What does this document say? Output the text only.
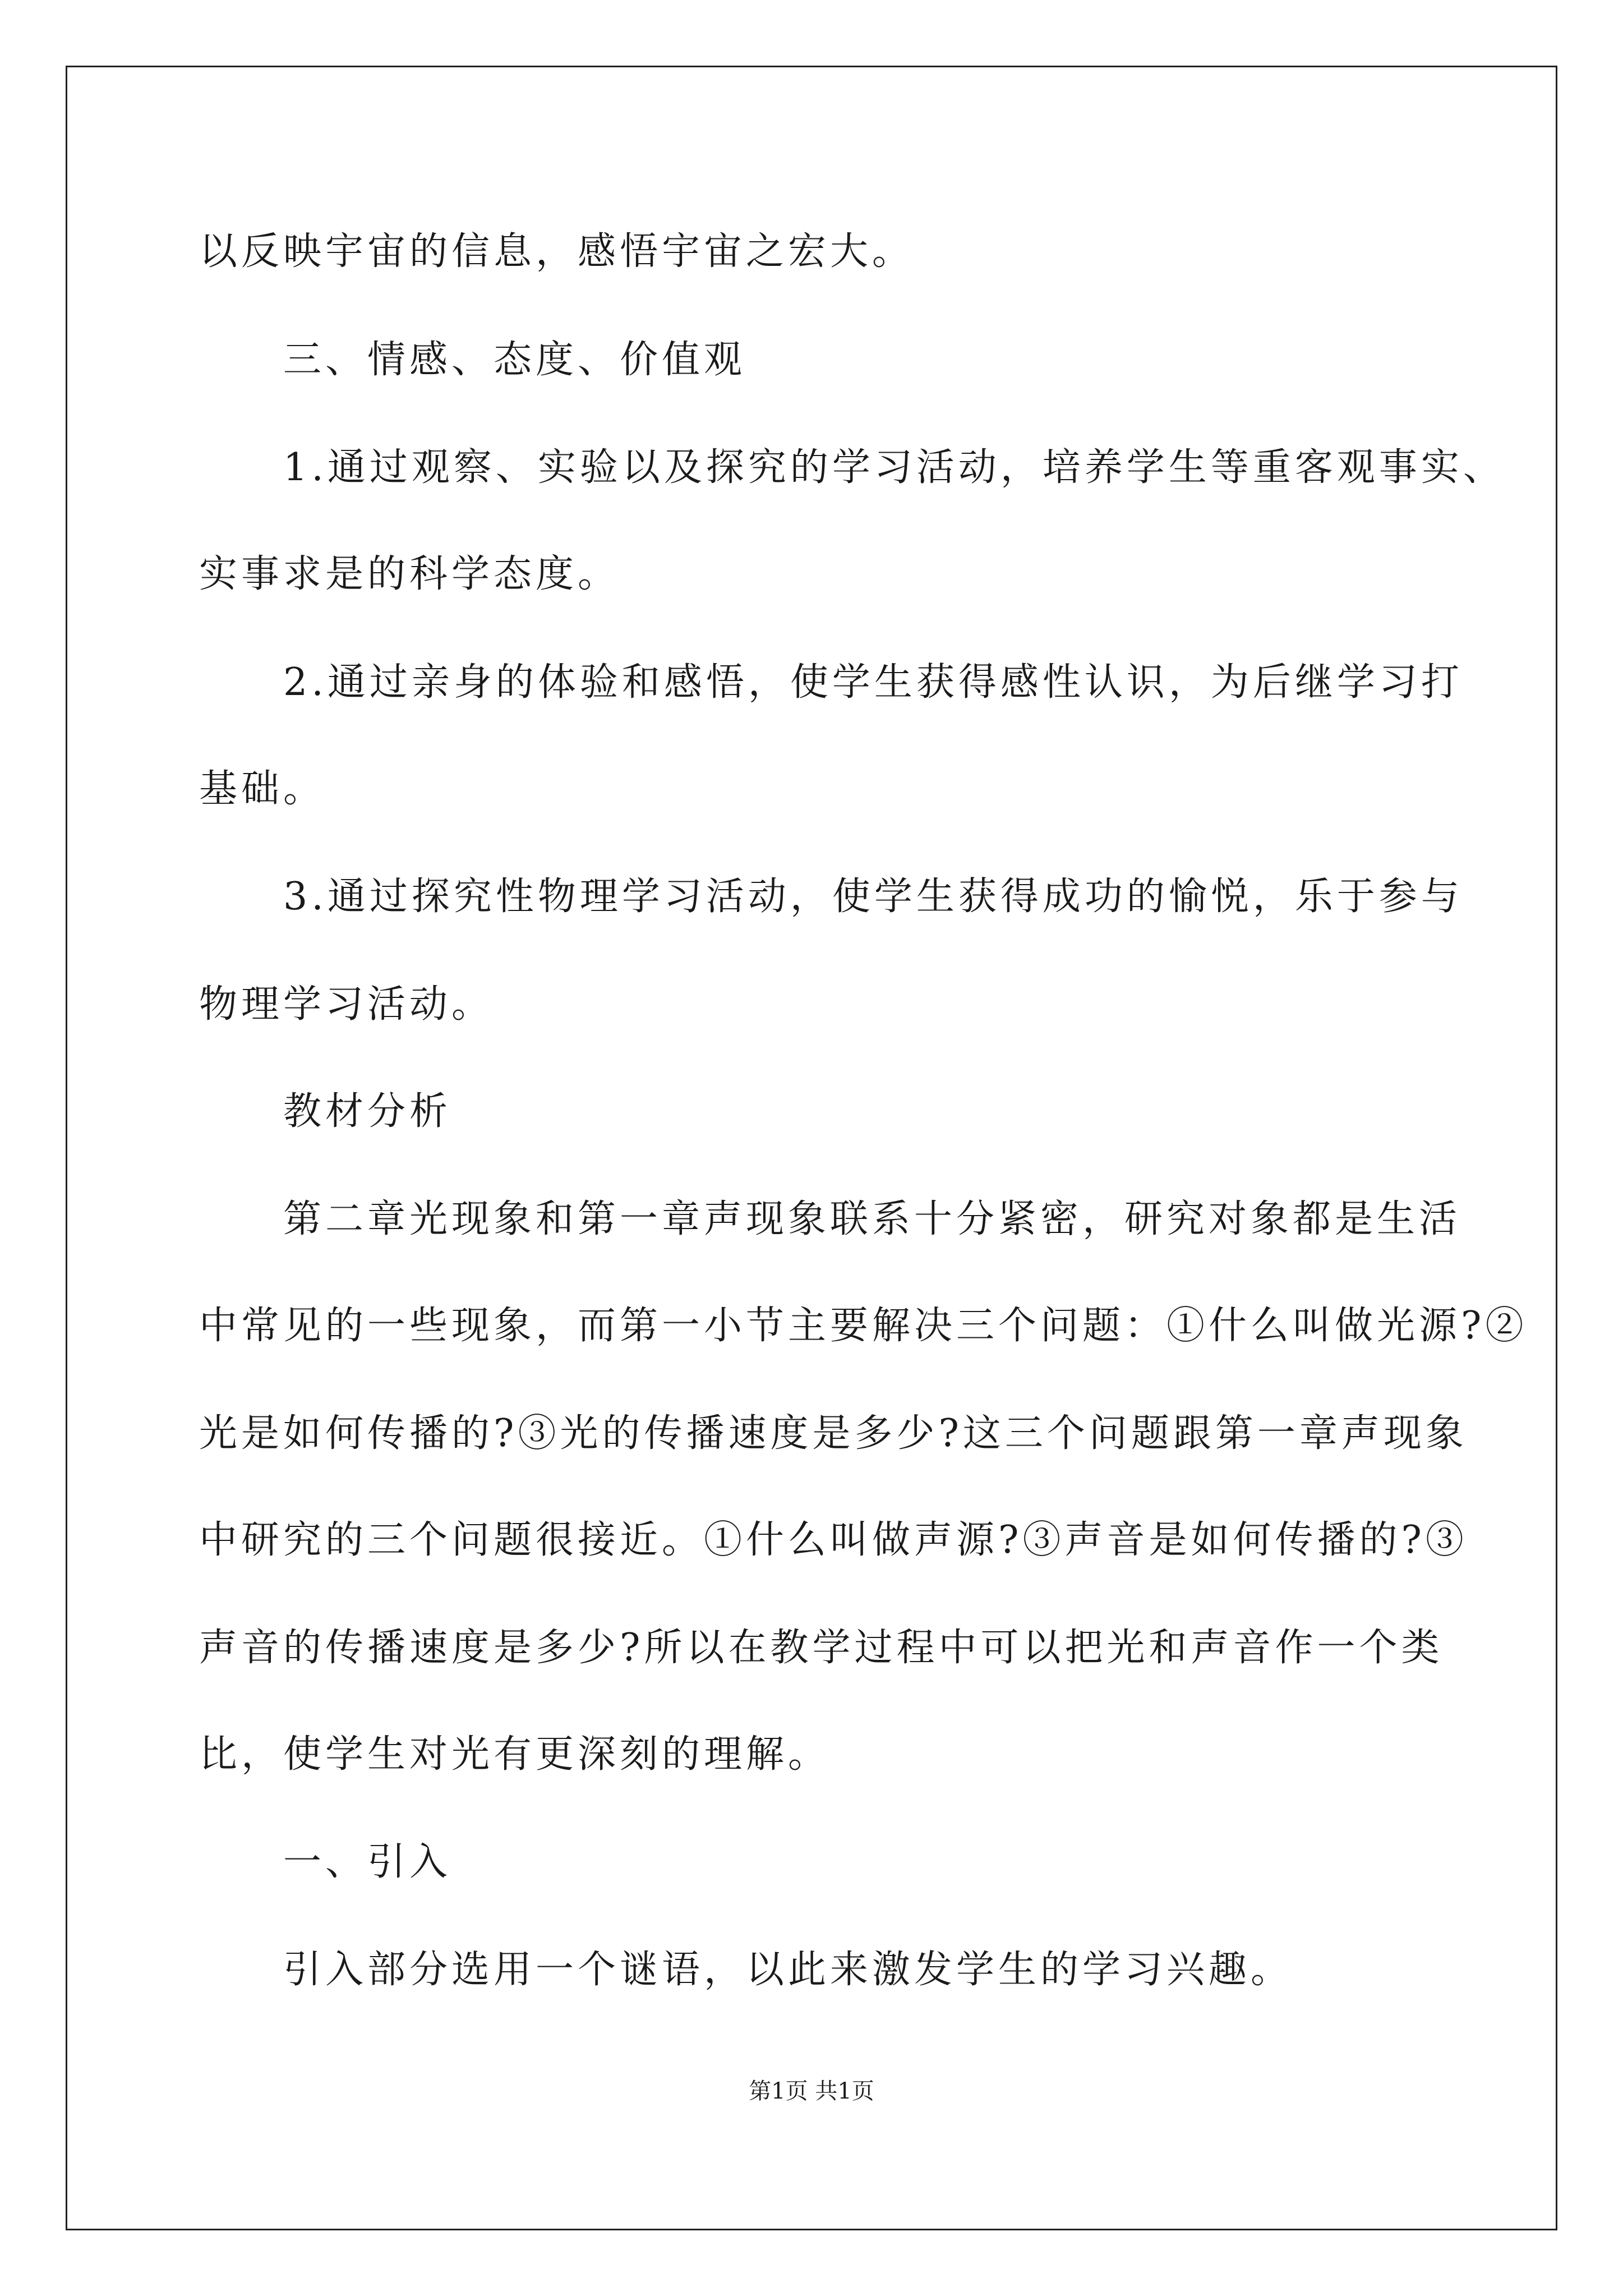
以反映宇宙的信息，感悟宇宙之宏大。
三、情感、态度、价值观
1.通过观察、实验以及探究的学习活动，培养学生等重客观事实、
实事求是的科学态度。
2.通过亲身的体验和感悟，使学生获得感性认识，为后继学习打
基础。
3.通过探究性物理学习活动，使学生获得成功的愉悦，乐于参与
物理学习活动。
教材分析
第二章光现象和第一章声现象联系十分紧密，研究对象都是生活
中常见的一些现象，而第一小节主要解决三个问题：①什么叫做光源?②
光是如何传播的?③光的传播速度是多少?这三个问题跟第一章声现象
中研究的三个问题很接近。①什么叫做声源?③声音是如何传播的?③
声音的传播速度是多少?所以在教学过程中可以把光和声音作一个类
比，使学生对光有更深刻的理解。
一、引入
引入部分选用一个谜语，以此来激发学生的学习兴趣。
第1页 共1页
